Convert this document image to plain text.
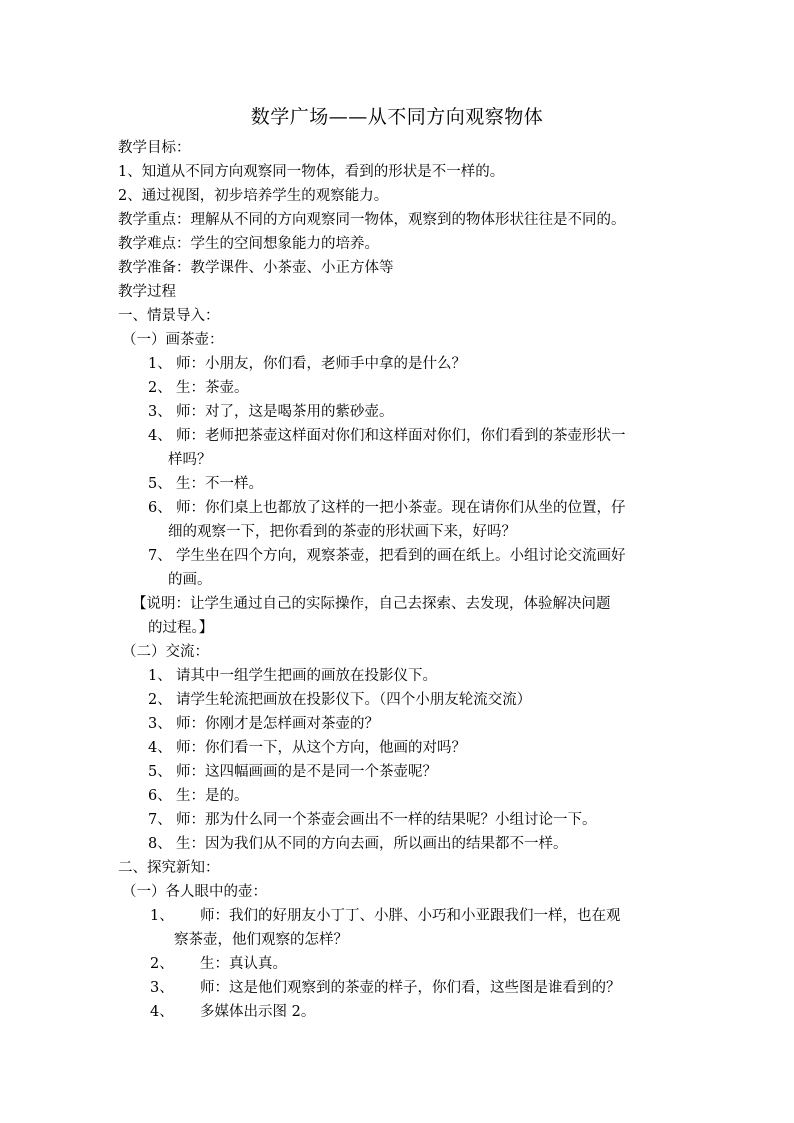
数学广场——从不同方向观察物体
教学目标：
1、知道从不同方向观察同一物体，看到的形状是不一样的。
2、通过视图，初步培养学生的观察能力。
教学重点：理解从不同的方向观察同一物体，观察到的物体形状往往是不同的。
教学难点：学生的空间想象能力的培养。
教学准备：教学课件、小茶壶、小正方体等
教学过程
一、情景导入：
（一）画茶壶：
1、 师：小朋友，你们看，老师手中拿的是什么？
2、 生：茶壶。
3、 师：对了，这是喝茶用的紫砂壶。
4、 师：老师把茶壶这样面对你们和这样面对你们，你们看到的茶壶形状一
样吗？
5、 生：不一样。
6、 师：你们桌上也都放了这样的一把小茶壶。现在请你们从坐的位置，仔
细的观察一下，把你看到的茶壶的形状画下来，好吗？
7、 学生坐在四个方向，观察茶壶，把看到的画在纸上。小组讨论交流画好
的画。
【说明：让学生通过自己的实际操作，自己去探索、去发现，体验解决问题
的过程。】
（二）交流：
1、 请其中一组学生把画的画放在投影仪下。
2、 请学生轮流把画放在投影仪下。（四个小朋友轮流交流）
3、 师：你刚才是怎样画对茶壶的？
4、 师：你们看一下，从这个方向，他画的对吗？
5、 师：这四幅画画的是不是同一个茶壶呢？
6、 生：是的。
7、 师：那为什么同一个茶壶会画出不一样的结果呢？小组讨论一下。
8、 生：因为我们从不同的方向去画，所以画出的结果都不一样。
二、探究新知：
（一）各人眼中的壶：
1、	师：我们的好朋友小丁丁、小胖、小巧和小亚跟我们一样，也在观
察茶壶，他们观察的怎样？
2、	生：真认真。
3、	师：这是他们观察到的茶壶的样子，你们看，这些图是谁看到的？
4、	多媒体出示图 2。
